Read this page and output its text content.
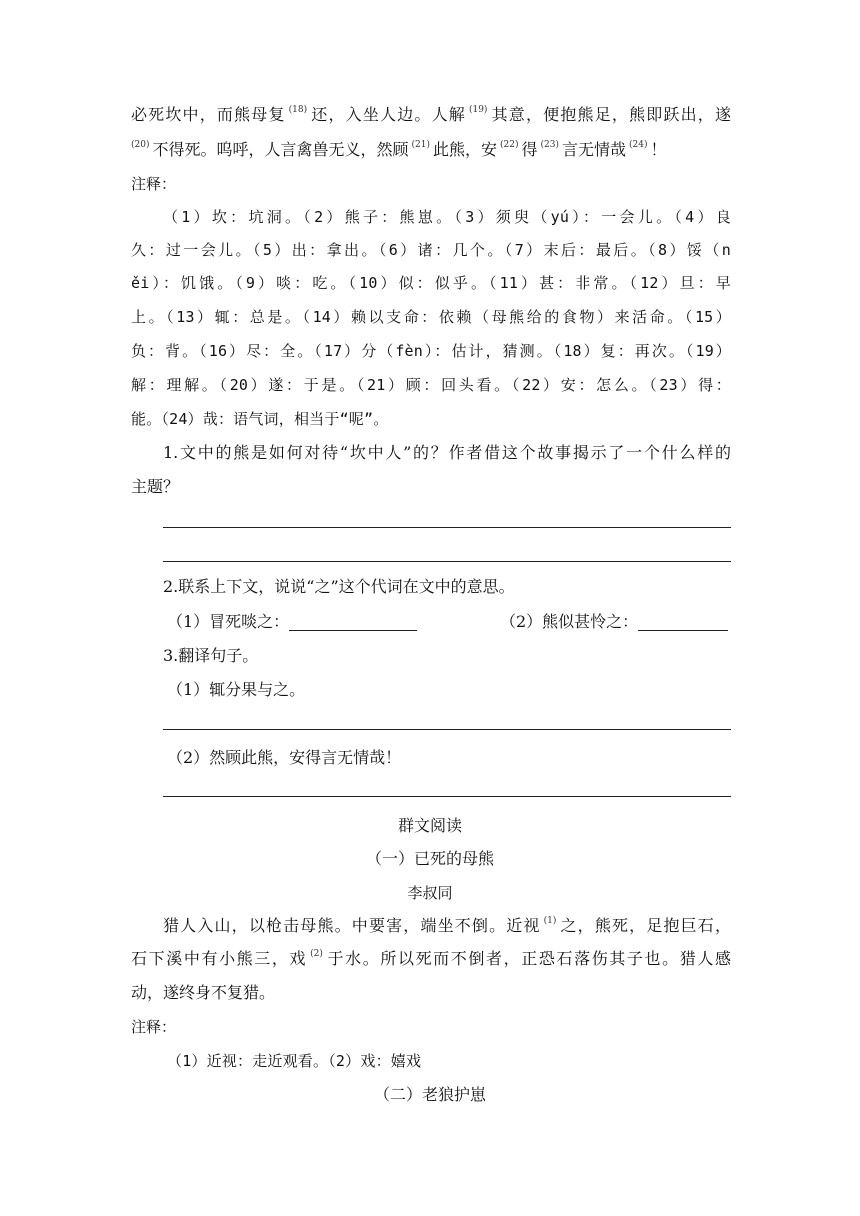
必死坎中，而熊母复 $^{(18)}$ 还，入坐人边。人解 $^{(19)}$ 其意，便抱熊足，熊即跃出，遂
$^{(20)}$ 不得死。呜呼，人言禽兽无义，然顾 $^{(21)}$ 此熊，安 $^{(22)}$ 得 $^{(23)}$ 言无情哉 $^{(24)}$ ！
注释：
（1）坎：坑洞。（2）熊子：熊崽。（3）须臾（yú）：一会儿。（4）良
久：过一会儿。（5）出：拿出。（6）诸：几个。（7）末后：最后。（8）馁（n
ěi）：饥饿。（9）啖：吃。（10）似：似乎。（11）甚：非常。（12）旦：早
上。（13）辄：总是。（14）赖以支命：依赖（母熊给的食物）来活命。（15）
负：背。（16）尽：全。（17）分（fèn）：估计，猜测。（18）复：再次。（19）
解：理解。（20）遂：于是。（21）顾：回头看。（22）安：怎么。（23）得：
能。（24）哉：语气词，相当于“呢”。
1.文中的熊是如何对待“坎中人”的？作者借这个故事揭示了一个什么样的
主题？
2.联系上下文，说说“之”这个代词在文中的意思。
（1）冒死啖之：	（2）熊似甚怜之：
3.翻译句子。
（1）辄分果与之。
（2）然顾此熊，安得言无情哉！
群文阅读
（一）已死的母熊
李叔同
猎人入山，以枪击母熊。中要害，端坐不倒。近视 $^{(1)}$ 之，熊死，足抱巨石，
石下溪中有小熊三，戏 $^{(2)}$ 于水。所以死而不倒者，正恐石落伤其子也。猎人感
动，遂终身不复猎。
注释：
（1）近视：走近观看。（2）戏：嬉戏
（二）老狼护崽
